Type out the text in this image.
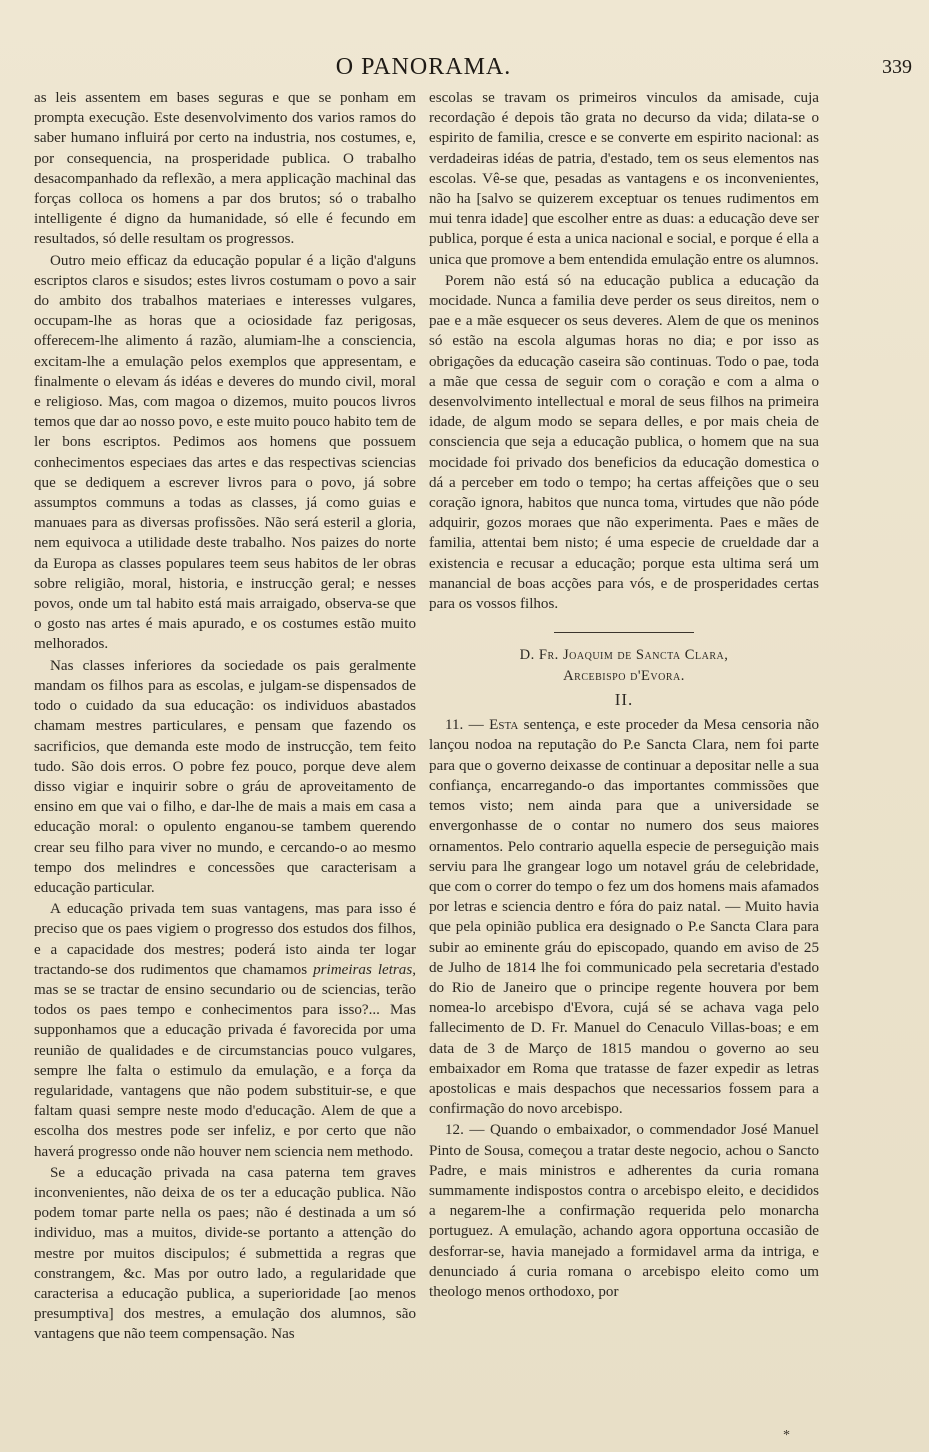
O PANORAMA.	339

as leis assentem em bases seguras e que se ponham em prompta execução. Este desenvolvimento dos varios ramos do saber humano influirá por certo na industria, nos costumes, e, por consequencia, na prosperidade publica. O trabalho desacompanhado da reflexão, a mera applicação machinal das forças colloca os homens a par dos brutos; só o trabalho intelligente é digno da humanidade, só elle é fecundo em resultados, só delle resultam os progressos.

Outro meio efficaz da educação popular é a lição d'alguns escriptos claros e sisudos; estes livros costumam o povo a sair do ambito dos trabalhos materiaes e interesses vulgares, occupam-lhe as horas que a ociosidade faz perigosas, offerecem-lhe alimento á razão, alumiam-lhe a consciencia, excitam-lhe a emulação pelos exemplos que appresentam, e finalmente o elevam ás idéas e deveres do mundo civil, moral e religioso. Mas, com magoa o dizemos, muito poucos livros temos que dar ao nosso povo, e este muito pouco habito tem de ler bons escriptos. Pedimos aos homens que possuem conhecimentos especiaes das artes e das respectivas sciencias que se dediquem a escrever livros para o povo, já sobre assumptos communs a todas as classes, já como guias e manuaes para as diversas profissões. Não será esteril a gloria, nem equivoca a utilidade deste trabalho. Nos paizes do norte da Europa as classes populares teem seus habitos de ler obras sobre religião, moral, historia, e instrucção geral; e nesses povos, onde um tal habito está mais arraigado, observa-se que o gosto nas artes é mais apurado, e os costumes estão muito melhorados.

Nas classes inferiores da sociedade os pais geralmente mandam os filhos para as escolas, e julgam-se dispensados de todo o cuidado da sua educação: os individuos abastados chamam mestres particulares, e pensam que fazendo os sacrificios, que demanda este modo de instrucção, tem feito tudo. São dois erros. O pobre fez pouco, porque deve alem disso vigiar e inquirir sobre o gráu de aproveitamento de ensino em que vai o filho, e dar-lhe de mais a mais em casa a educação moral: o opulento enganou-se tambem querendo crear seu filho para viver no mundo, e cercando-o ao mesmo tempo dos melindres e concessões que caracterisam a educação particular.

A educação privada tem suas vantagens, mas para isso é preciso que os paes vigiem o progresso dos estudos dos filhos, e a capacidade dos mestres; poderá isto ainda ter logar tractando-se dos rudimentos que chamamos primeiras letras, mas se se tractar de ensino secundario ou de sciencias, terão todos os paes tempo e conhecimentos para isso?... Mas supponhamos que a educação privada é favorecida por uma reunião de qualidades e de circumstancias pouco vulgares, sempre lhe falta o estimulo da emulação, e a força da regularidade, vantagens que não podem substituir-se, e que faltam quasi sempre neste modo d'educação. Alem de que a escolha dos mestres pode ser infeliz, e por certo que não haverá progresso onde não houver nem sciencia nem methodo.

Se a educação privada na casa paterna tem graves inconvenientes, não deixa de os ter a educação publica. Não podem tomar parte nella os paes; não é destinada a um só individuo, mas a muitos, divide-se portanto a attenção do mestre por muitos discipulos; é submettida a regras que constrangem, &c. Mas por outro lado, a regularidade que caracterisa a educação publica, a superioridade [ao menos presumptiva] dos mestres, a emulação dos alumnos, são vantagens que não teem compensação. Nas

escolas se travam os primeiros vinculos da amisade, cuja recordação é depois tão grata no decurso da vida; dilata-se o espirito de familia, cresce e se converte em espirito nacional: as verdadeiras idéas de patria, d'estado, tem os seus elementos nas escolas. Vê-se que, pesadas as vantagens e os inconvenientes, não ha [salvo se quizerem exceptuar os tenues rudimentos em mui tenra idade] que escolher entre as duas: a educação deve ser publica, porque é esta a unica nacional e social, e porque é ella a unica que promove a bem entendida emulação entre os alumnos.

Porem não está só na educação publica a educação da mocidade. Nunca a familia deve perder os seus direitos, nem o pae e a mãe esquecer os seus deveres. Alem de que os meninos só estão na escola algumas horas no dia; e por isso as obrigações da educação caseira são continuas. Todo o pae, toda a mãe que cessa de seguir com o coração e com a alma o desenvolvimento intellectual e moral de seus filhos na primeira idade, de algum modo se separa delles, e por mais cheia de consciencia que seja a educação publica, o homem que na sua mocidade foi privado dos beneficios da educação domestica o dá a perceber em todo o tempo; ha certas affeições que o seu coração ignora, habitos que nunca toma, virtudes que não póde adquirir, gozos moraes que não experimenta. Paes e mães de familia, attentai bem nisto; é uma especie de crueldade dar a existencia e recusar a educação; porque esta ultima será um manancial de boas acções para vós, e de prosperidades certas para os vossos filhos.

D. Fr. Joaquim de Sancta Clara,
Arcebispo d'Evora.
II.

11. — Esta sentença, e este proceder da Mesa censoria não lançou nodoa na reputação do P.e Sancta Clara, nem foi parte para que o governo deixasse de continuar a depositar nelle a sua confiança, encarregando-o das importantes commissões que temos visto; nem ainda para que a universidade se envergonhasse de o contar no numero dos seus maiores ornamentos. Pelo contrario aquella especie de perseguição mais serviu para lhe grangear logo um notavel gráu de celebridade, que com o correr do tempo o fez um dos homens mais afamados por letras e sciencia dentro e fóra do paiz natal. — Muito havia que pela opinião publica era designado o P.e Sancta Clara para subir ao eminente gráu do episcopado, quando em aviso de 25 de Julho de 1814 lhe foi communicado pela secretaria d'estado do Rio de Janeiro que o principe regente houvera por bem nomea-lo arcebispo d'Evora, cujá sé se achava vaga pelo fallecimento de D. Fr. Manuel do Cenaculo Villas-boas; e em data de 3 de Março de 1815 mandou o governo ao seu embaixador em Roma que tratasse de fazer expedir as letras apostolicas e mais despachos que necessarios fossem para a confirmação do novo arcebispo.

12. — Quando o embaixador, o commendador José Manuel Pinto de Sousa, começou a tratar deste negocio, achou o Sancto Padre, e mais ministros e adherentes da curia romana summamente indispostos contra o arcebispo eleito, e decididos a negarem-lhe a confirmação requerida pelo monarcha portuguez. A emulação, achando agora opportuna occasião de desforrar-se, havia manejado a formidavel arma da intriga, e denunciado á curia romana o arcebispo eleito como um theologo menos orthodoxo, por

*
